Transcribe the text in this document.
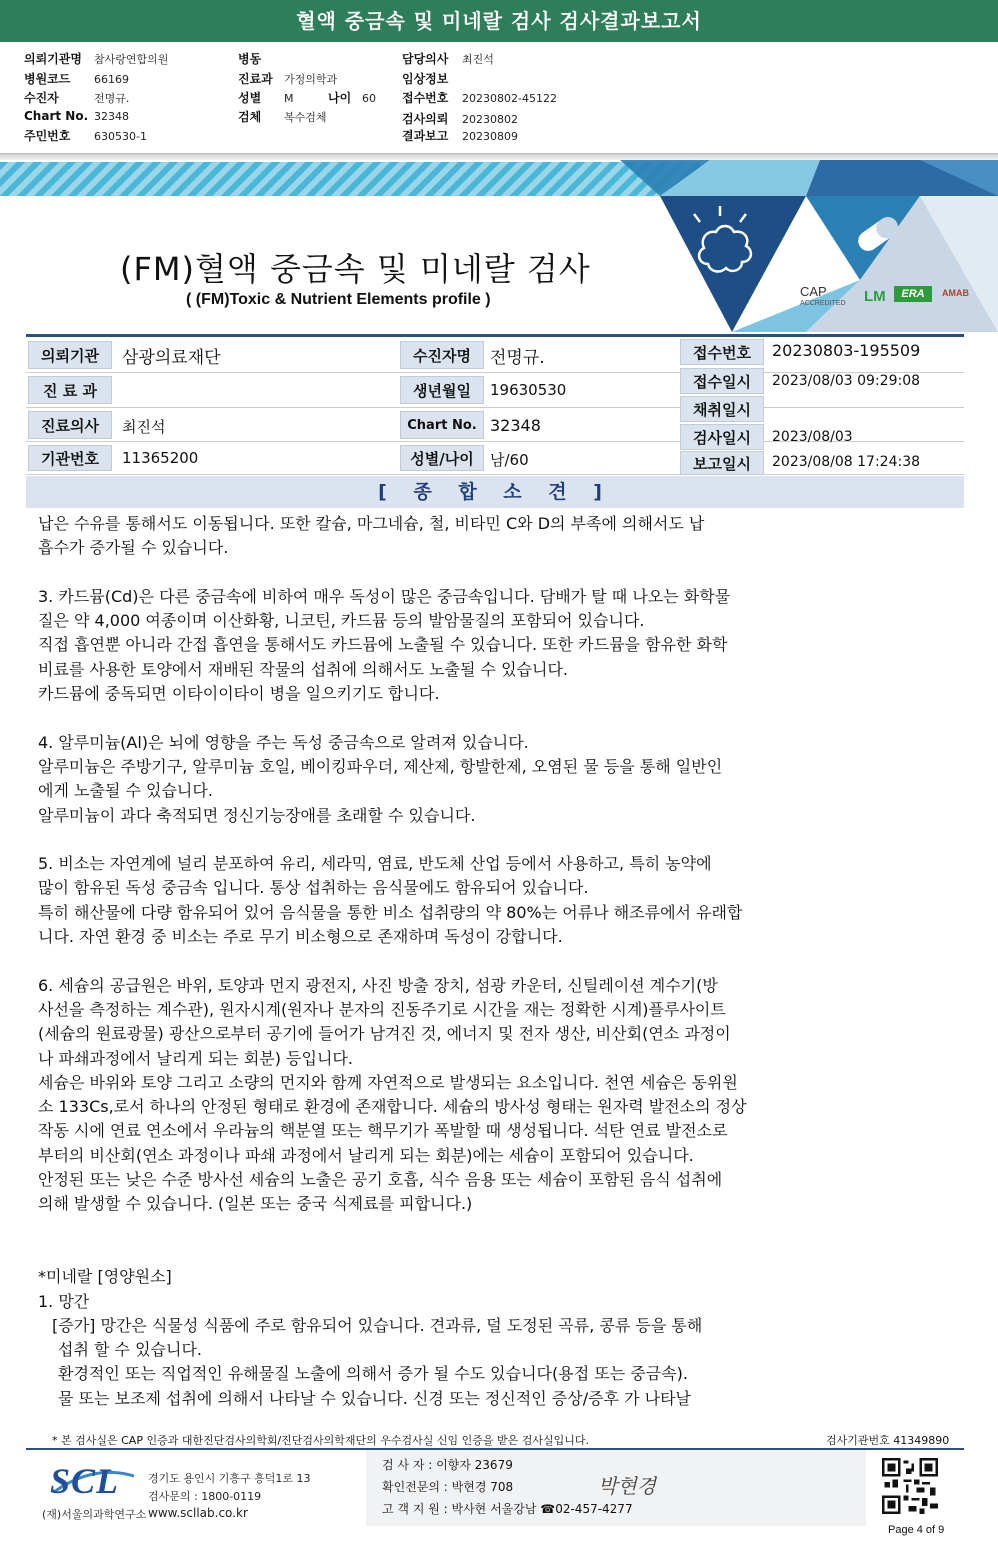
혈액 중금속 및 미네랄 검사 검사결과보고서
의뢰기관명 참사랑연합의원
병원코드 66169
수진자	전명규.
Chart No. 32348
주민번호 630530-1
병동
진료과 가정의학과
성별 M	나이 60
검체 복수검체
담당의사 최진석
임상정보
접수번호 20230802-45122
검사의뢰 20230802
결과보고 20230809
(FM)혈액 중금속 및 미네랄 검사
( (FM)Toxic & Nutrient Elements profile )	CAP
ACCREDITED LM	ERA	AMAB
의뢰기관	삼광의료재단
진 료 과
진료의사	최진석
기관번호	11365200
수진자명	전명규.
생년월일	19630530
Chart No. 32348
성별/나이	남/60
접수번호	20230803-195509
접수일시	2023/08/03 09:29:08
채취일시
검사일시	2023/08/03
보고일시	2023/08/08 17:24:38
[ 종 합 소 견 ]
납은 수유를 통해서도 이동됩니다. 또한 칼슘, 마그네슘, 철, 비타민 C와 D의 부족에 의해서도 납
흡수가 증가될 수 있습니다.
3. 카드뮴(Cd)은 다른 중금속에 비하여 매우 독성이 많은 중금속입니다. 담배가 탈 때 나오는 화학물
질은 약 4,000 여종이며 이산화황, 니코틴, 카드뮴 등의 발암물질의 포함되어 있습니다.
직접 흡연뿐 아니라 간접 흡연을 통해서도 카드뮴에 노출될 수 있습니다. 또한 카드뮴을 함유한 화학
비료를 사용한 토양에서 재배된 작물의 섭취에 의해서도 노출될 수 있습니다.
카드뮴에 중독되면 이타이이타이 병을 일으키기도 합니다.
4. 알루미늄(Al)은 뇌에 영향을 주는 독성 중금속으로 알려져 있습니다.
알루미늄은 주방기구, 알루미늄 호일, 베이킹파우더, 제산제, 항발한제, 오염된 물 등을 통해 일반인
에게 노출될 수 있습니다.
알루미늄이 과다 축적되면 정신기능장애를 초래할 수 있습니다.
5. 비소는 자연계에 널리 분포하여 유리, 세라믹, 염료, 반도체 산업 등에서 사용하고, 특히 농약에
많이 함유된 독성 중금속 입니다. 통상 섭취하는 음식물에도 함유되어 있습니다.
특히 해산물에 다량 함유되어 있어 음식물을 통한 비소 섭취량의 약 80%는 어류나 해조류에서 유래합
니다. 자연 환경 중 비소는 주로 무기 비소형으로 존재하며 독성이 강합니다.
6. 세슘의 공급원은 바위, 토양과 먼지 광전지, 사진 방출 장치, 섬광 카운터, 신틸레이션 계수기(방
사선을 측정하는 계수관), 원자시계(원자나 분자의 진동주기로 시간을 재는 정확한 시계)플루사이트
(세슘의 원료광물) 광산으로부터 공기에 들어가 남겨진 것, 에너지 및 전자 생산, 비산회(연소 과정이
나 파쇄과정에서 날리게 되는 회분) 등입니다.
세슘은 바위와 토양 그리고 소량의 먼지와 함께 자연적으로 발생되는 요소입니다. 천연 세슘은 동위원
소 133Cs,로서 하나의 안정된 형태로 환경에 존재합니다. 세슘의 방사성 형태는 원자력 발전소의 정상
작동 시에 연료 연소에서 우라늄의 핵분열 또는 핵무기가 폭발할 때 생성됩니다. 석탄 연료 발전소로
부터의 비산회(연소 과정이나 파쇄 과정에서 날리게 되는 회분)에는 세슘이 포함되어 있습니다.
안정된 또는 낮은 수준 방사선 세슘의 노출은 공기 호흡, 식수 음용 또는 세슘이 포함된 음식 섭취에
의해 발생할 수 있습니다. (일본 또는 중국 식제료를 피합니다.)
*미네랄 [영양원소]
1. 망간
[증가] 망간은 식물성 식품에 주로 함유되어 있습니다. 견과류, 덜 도정된 곡류, 콩류 등을 통해
섭취 할 수 있습니다.
환경적인 또는 직업적인 유해물질 노출에 의해서 증가 될 수도 있습니다(용접 또는 중금속).
물 또는 보조제 섭취에 의해서 나타날 수 있습니다. 신경 또는 정신적인 증상/증후 가 나타날
* 본 검사실은 CAP 인증과 대한진단검사의학회/진단검사의학재단의 우수검사실 신임 인증을 받은 검사실입니다.	검사기관번호 41349890
SCL
(재)서울의과학연구소
경기도 용인시 기흥구 흥덕1로 13
검사문의 : 1800-0119
www.scllab.co.kr
검 사 자 : 이향자 23679
확인전문의 : 박현경 708
고 객 지 원 : 박사현 서울강남 ☎02-457-4277
박현경
Page 4 of 9
